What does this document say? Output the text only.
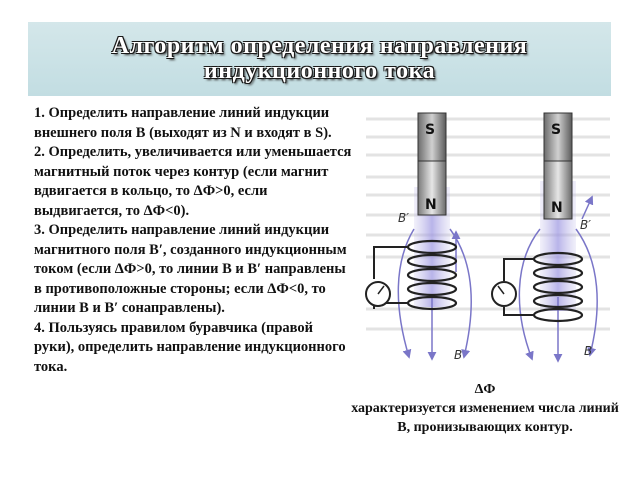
Алгоритм определения направления
индукционного тока

1. Определить направление линий индукции внешнего поля В (выходят из N и входят в S).

2. Определить, увеличивается или уменьшается магнитный поток через контур (если магнит вдвигается в кольцо, то ΔФ>0, если выдвигается, то ΔФ<0).

3. Определить направление линий индукции магнитного поля В′, созданного индукционным током (если ΔФ>0, то линии В и В′ направлены в противоположные стороны; если ΔФ<0, то линии В и В′ сонаправлены).

4. Пользуясь правилом буравчика (правой руки), определить направление индукционного тока.

S
N
B′
B
S
N
B′
B

ΔФ

характеризуется изменением числа линий В, пронизывающих контур.
